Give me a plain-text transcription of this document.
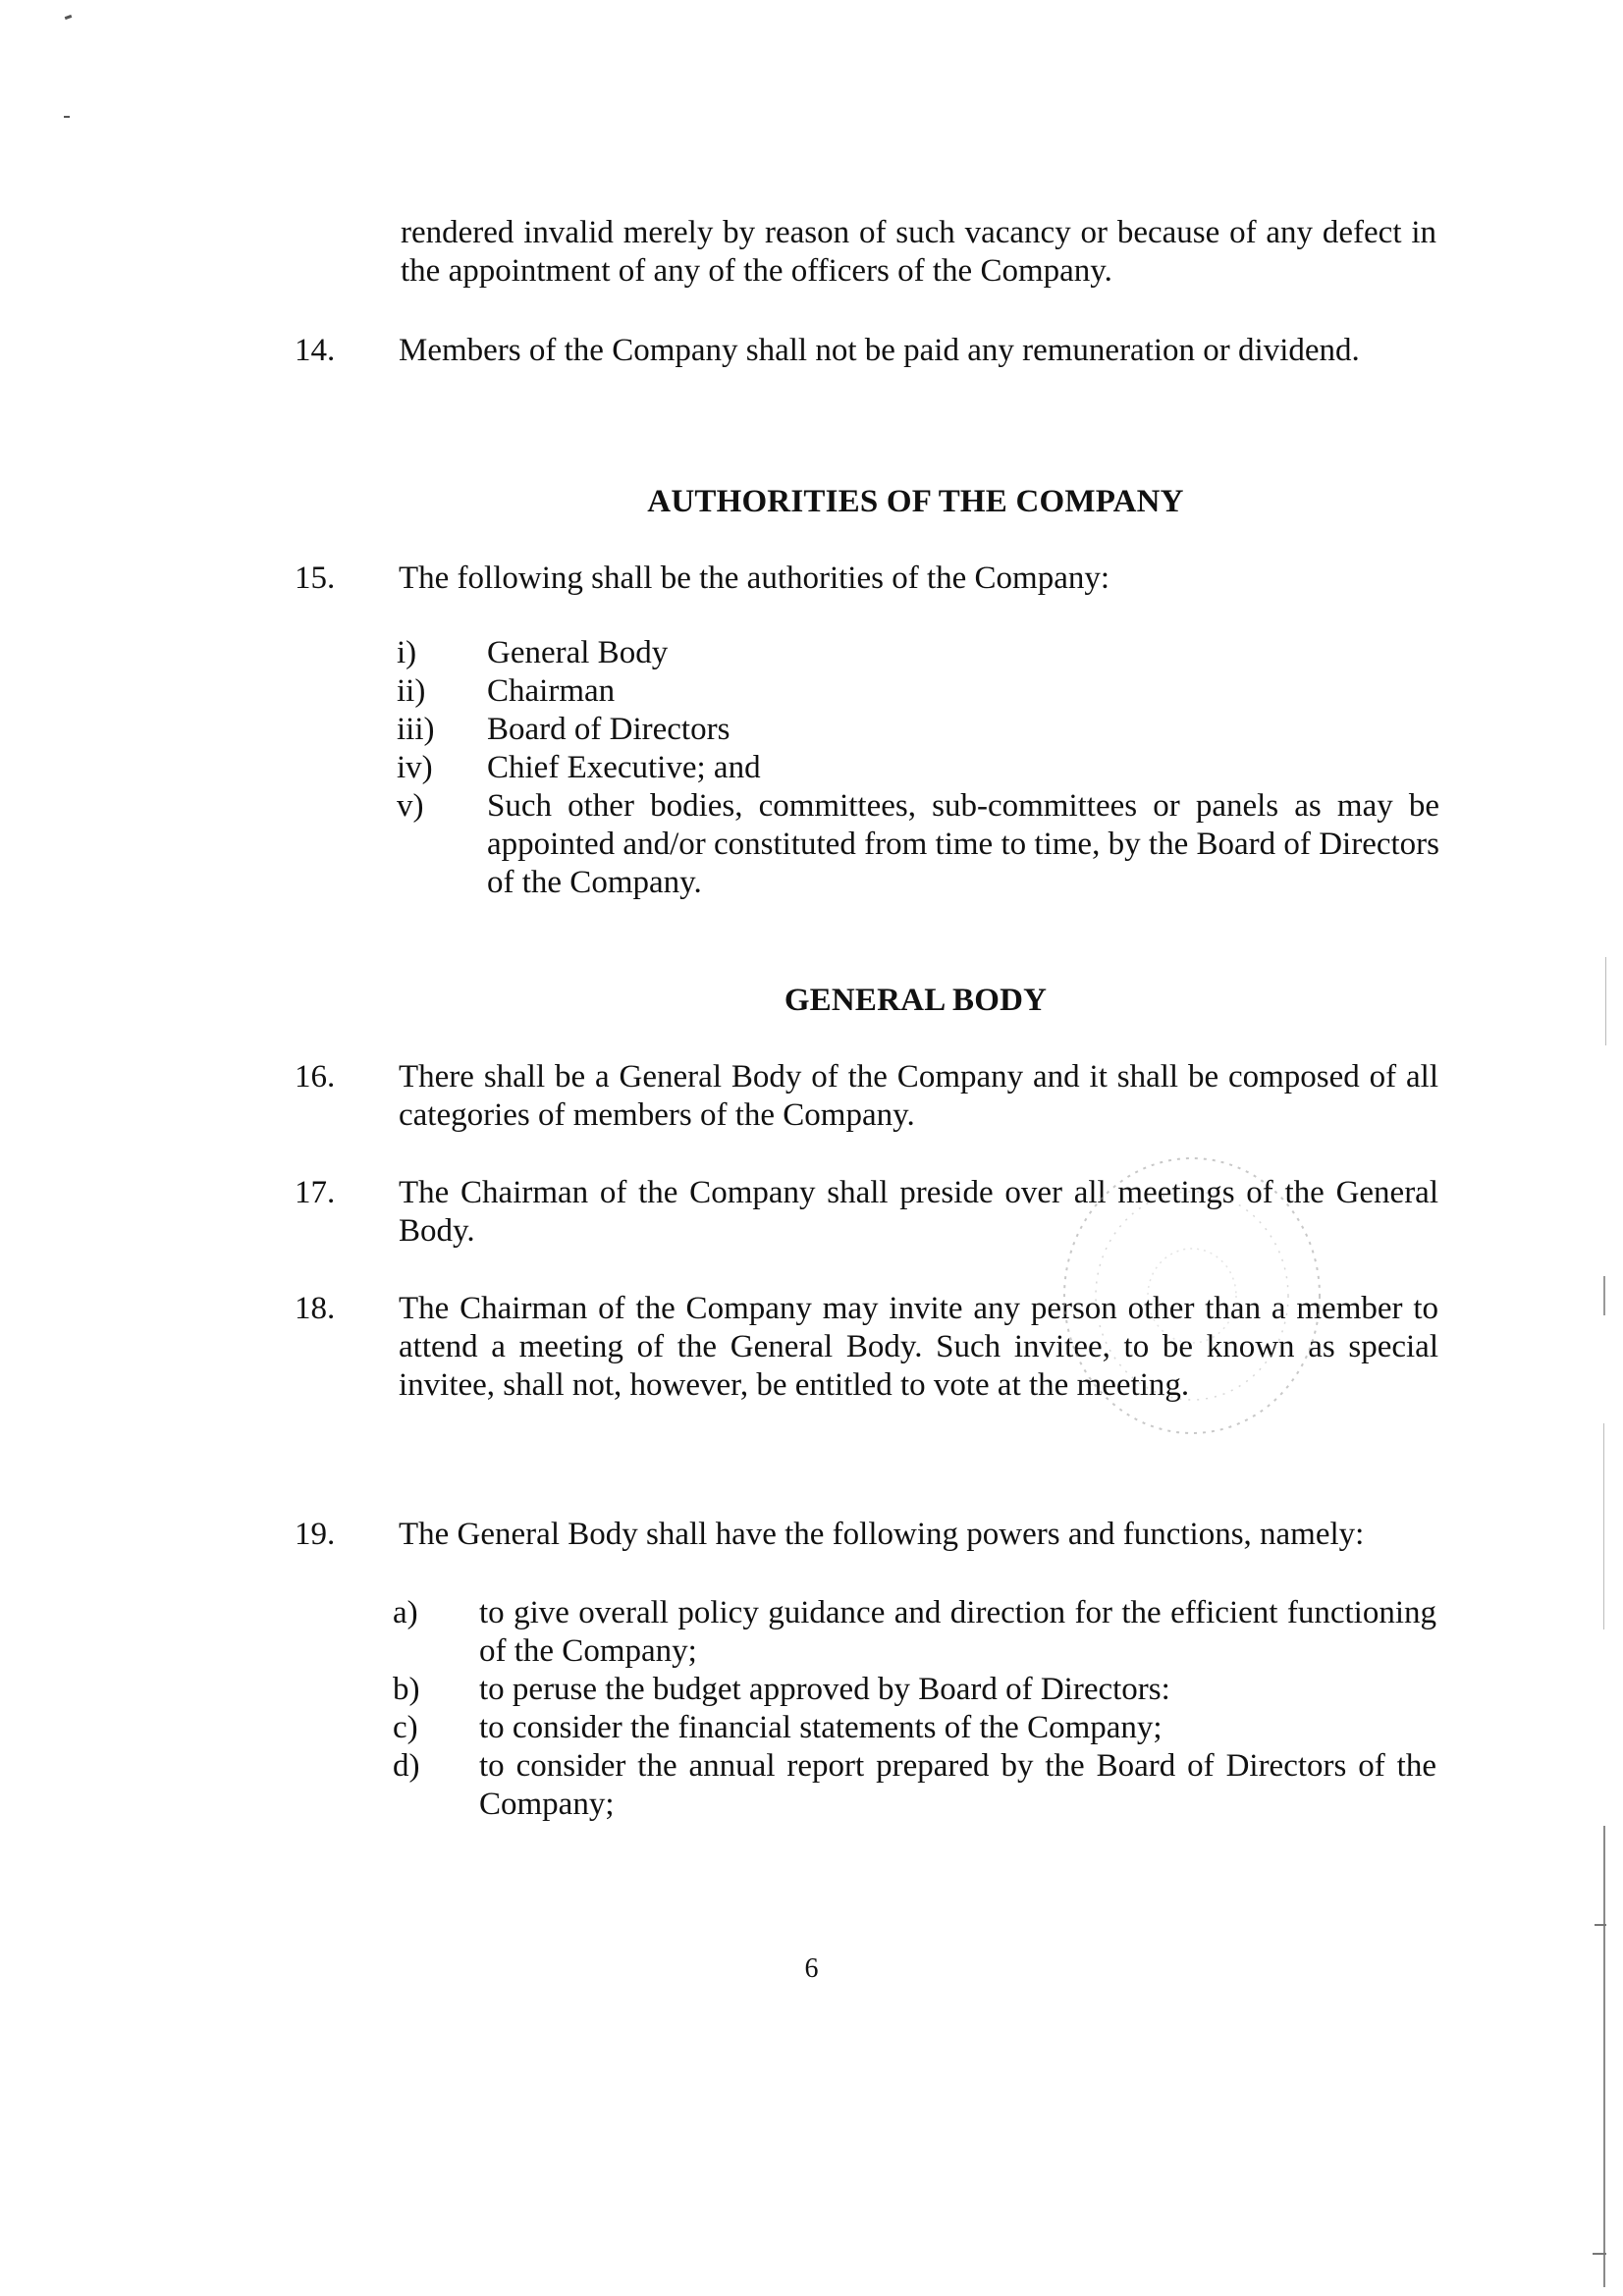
rendered invalid merely by reason of such vacancy or because of any defect in the appointment of any of the officers of the Company.
14.	Members of the Company shall not be paid any remuneration or dividend.
AUTHORITIES OF THE COMPANY
15.	The following shall be the authorities of the Company:
i) General Body
ii) Chairman
iii) Board of Directors
iv) Chief Executive; and
v) Such other bodies, committees, sub-committees or panels as may be appointed and/or constituted from time to time, by the Board of Directors of the Company.
GENERAL BODY
16.	There shall be a General Body of the Company and it shall be composed of all categories of members of the Company.
17.	The Chairman of the Company shall preside over all meetings of the General Body.
18.	The Chairman of the Company may invite any person other than a member to attend a meeting of the General Body. Such invitee, to be known as special invitee, shall not, however, be entitled to vote at the meeting.
19.	The General Body shall have the following powers and functions, namely:
a) to give overall policy guidance and direction for the efficient functioning of the Company;
b) to peruse the budget approved by Board of Directors:
c) to consider the financial statements of the Company;
d) to consider the annual report prepared by the Board of Directors of the Company;
6
